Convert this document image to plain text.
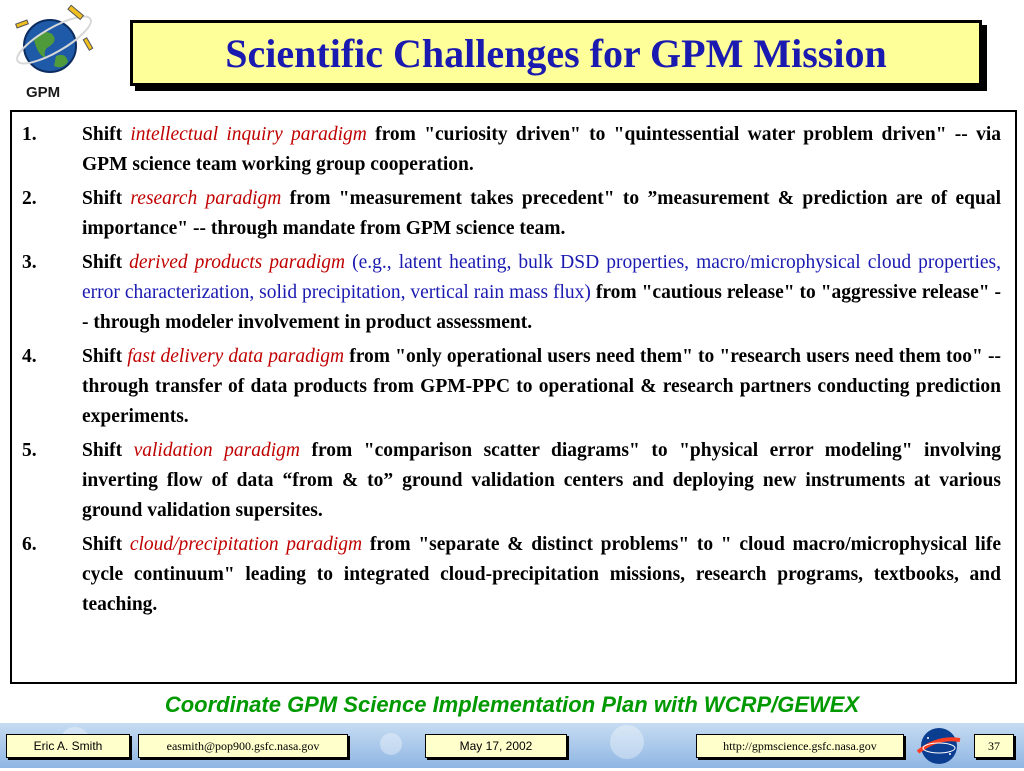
GPM
Scientific Challenges for GPM Mission
1.	Shift intellectual inquiry paradigm from "curiosity driven" to "quintessential water problem driven" -- via GPM science team working group cooperation.
2.	Shift research paradigm from "measurement takes precedent" to ”measurement & prediction are of equal importance" -- through mandate from GPM science team.
3.	Shift derived products paradigm (e.g., latent heating, bulk DSD properties, macro/microphysical cloud properties, error characterization, solid precipitation, vertical rain mass flux) from "cautious release" to "aggressive release" -- through modeler involvement in product assessment.
4.	Shift fast delivery data paradigm from "only operational users need them" to "research users need them too" -- through transfer of data products from GPM-PPC to operational & research partners conducting prediction experiments.
5.	Shift validation paradigm from "comparison scatter diagrams" to "physical error modeling" involving inverting flow of data “from & to” ground validation centers and deploying new instruments at various ground validation supersites.
6.	Shift cloud/precipitation paradigm from "separate & distinct problems" to " cloud macro/microphysical life cycle continuum" leading to integrated cloud-precipitation missions, research programs, textbooks, and teaching.
Coordinate GPM Science Implementation Plan with WCRP/GEWEX
Eric A. Smith	easmith@pop900.gsfc.nasa.gov	May 17, 2002	http://gpmscience.gsfc.nasa.gov	37
